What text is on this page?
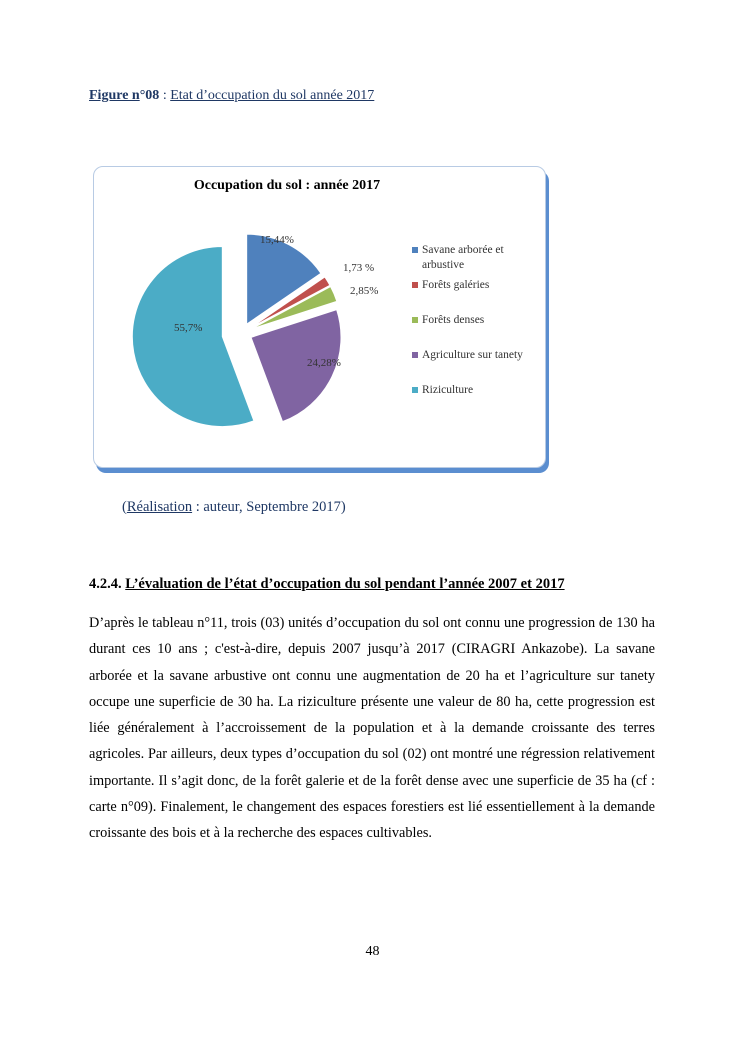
Figure n°08 : Etat d’occupation du sol année 2017
Occupation du sol : année 2017
15,44%
1,73 %
2,85%
24,28%
55,7%
Savane arborée et
arbustive
Forêts galéries
Forêts denses
Agriculture sur tanety
Riziculture
(Réalisation : auteur, Septembre 2017)
4.2.4. L’évaluation de l’état d’occupation du sol pendant l’année 2007 et 2017

D’après le tableau n°11, trois (03) unités d’occupation du sol ont connu une progression de 130 ha durant ces 10 ans ; c'est-à-dire, depuis 2007 jusqu’à 2017 (CIRAGRI Ankazobe). La savane arborée et la savane arbustive ont connu une augmentation de 20 ha et l’agriculture sur tanety occupe une superficie de 30 ha. La riziculture présente une valeur de 80 ha, cette progression est liée généralement à l’accroissement de la population et à la demande croissante des terres agricoles. Par ailleurs, deux types d’occupation du sol (02) ont montré une régression relativement importante. Il s’agit donc, de la forêt galerie et de la forêt dense avec une superficie de 35 ha (cf : carte n°09). Finalement, le changement des espaces forestiers est lié essentiellement à la demande croissante des bois et à la recherche des espaces cultivables.

48
